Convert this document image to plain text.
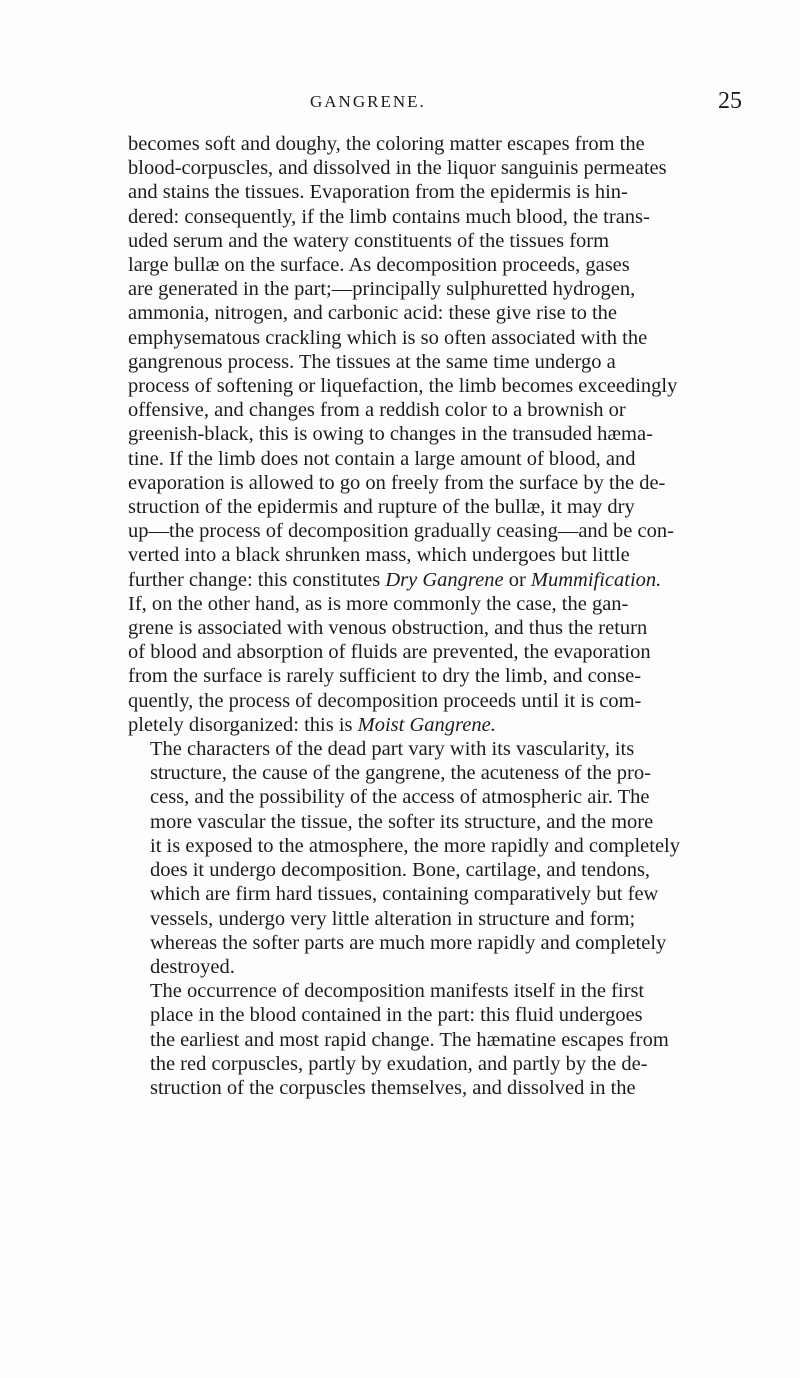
GANGRENE.	25

becomes soft and doughy, the coloring matter escapes from the
blood-corpuscles, and dissolved in the liquor sanguinis permeates
and stains the tissues. Evaporation from the epidermis is hin-
dered: consequently, if the limb contains much blood, the trans-
uded serum and the watery constituents of the tissues form
large bullæ on the surface. As decomposition proceeds, gases
are generated in the part;—principally sulphuretted hydrogen,
ammonia, nitrogen, and carbonic acid: these give rise to the
emphysematous crackling which is so often associated with the
gangrenous process. The tissues at the same time undergo a
process of softening or liquefaction, the limb becomes exceedingly
offensive, and changes from a reddish color to a brownish or
greenish-black, this is owing to changes in the transuded hæma-
tine. If the limb does not contain a large amount of blood, and
evaporation is allowed to go on freely from the surface by the de-
struction of the epidermis and rupture of the bullæ, it may dry
up—the process of decomposition gradually ceasing—and be con-
verted into a black shrunken mass, which undergoes but little
further change: this constitutes Dry Gangrene or Mummification.
If, on the other hand, as is more commonly the case, the gan-
grene is associated with venous obstruction, and thus the return
of blood and absorption of fluids are prevented, the evaporation
from the surface is rarely sufficient to dry the limb, and conse-
quently, the process of decomposition proceeds until it is com-
pletely disorganized: this is Moist Gangrene.

The characters of the dead part vary with its vascularity, its
structure, the cause of the gangrene, the acuteness of the pro-
cess, and the possibility of the access of atmospheric air. The
more vascular the tissue, the softer its structure, and the more
it is exposed to the atmosphere, the more rapidly and completely
does it undergo decomposition. Bone, cartilage, and tendons,
which are firm hard tissues, containing comparatively but few
vessels, undergo very little alteration in structure and form;
whereas the softer parts are much more rapidly and completely
destroyed.

The occurrence of decomposition manifests itself in the first
place in the blood contained in the part: this fluid undergoes
the earliest and most rapid change. The hæmatine escapes from
the red corpuscles, partly by exudation, and partly by the de-
struction of the corpuscles themselves, and dissolved in the
